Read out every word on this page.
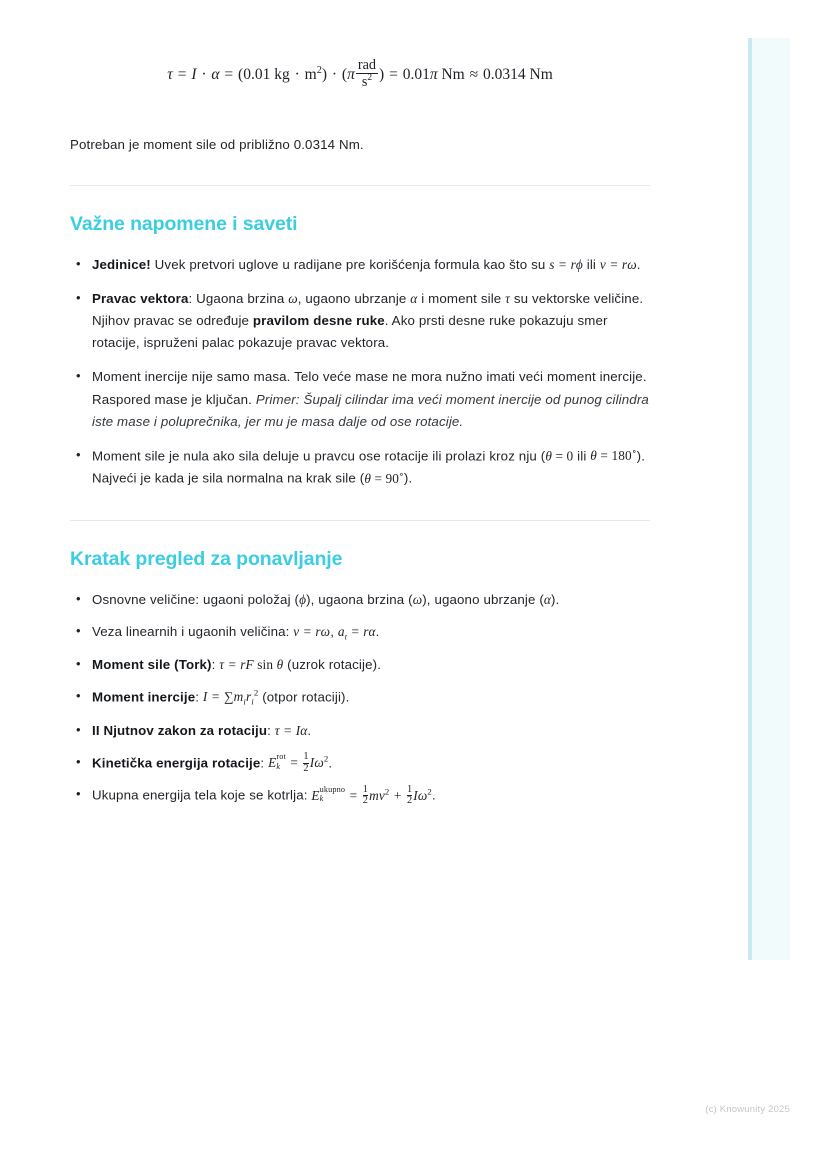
τ = I · α = (0.01 kg · $m^2) \cdot (\pi \frac{\text{rad}}{s^2}$ ) = 0.01π Nm ≈ 0.0314 Nm
Potreban je moment sile od približno 0.0314 Nm.
Važne napomene i saveti
• Jedinice! Uvek pretvori uglove u radijane pre korišćenja formula kao što su s = rϕ ili v = rω.
• Pravac vektora: Ugaona brzina ω, ugaono ubrzanje α i moment sile τ su vektorske veličine. Njihov pravac se određuje pravilom desne ruke. Ako prsti desne ruke pokazuju smer rotacije, ispruženi palac pokazuje pravac vektora.
• Moment inercije nije samo masa. Telo veće mase ne mora nužno imati veći moment inercije. Raspored mase je ključan. Primer: Šupalj cilindar ima veći moment inercije od punog cilindra iste mase i poluprečnika, jer mu je masa dalje od ose rotacije.
• Moment sile je nula ako sila deluje u pravcu ose rotacije ili prolazi kroz nju (θ = 0 ili θ = 180∘). Najveći je kada je sila normalna na krak sile (θ = 90∘).
Kratak pregled za ponavljanje
• Osnovne veličine: ugaoni položaj (ϕ), ugaona brzina (ω), ugaono ubrzanje (α).
• Veza linearnih i ugaonih veličina: v = rω, $a_t = r\alpha$.
• Moment sile (Tork): τ = rF sin θ (uzrok rotacije).
• Moment inercije: $I = \sum m_ir_i^2$ (otpor rotaciji).
• II Njutnov zakon za rotaciju: τ = Iα.
• Kinetička energija rotacije: E rot
$k = \frac{1}{2} I\omega^2$.
• Ukupna energija tela koje se kotrlja: E ukupno
k	= $\frac{1}{2} mv^2 + \frac{1}{2} I\omega^2$.
(c) Knowunity 2025
